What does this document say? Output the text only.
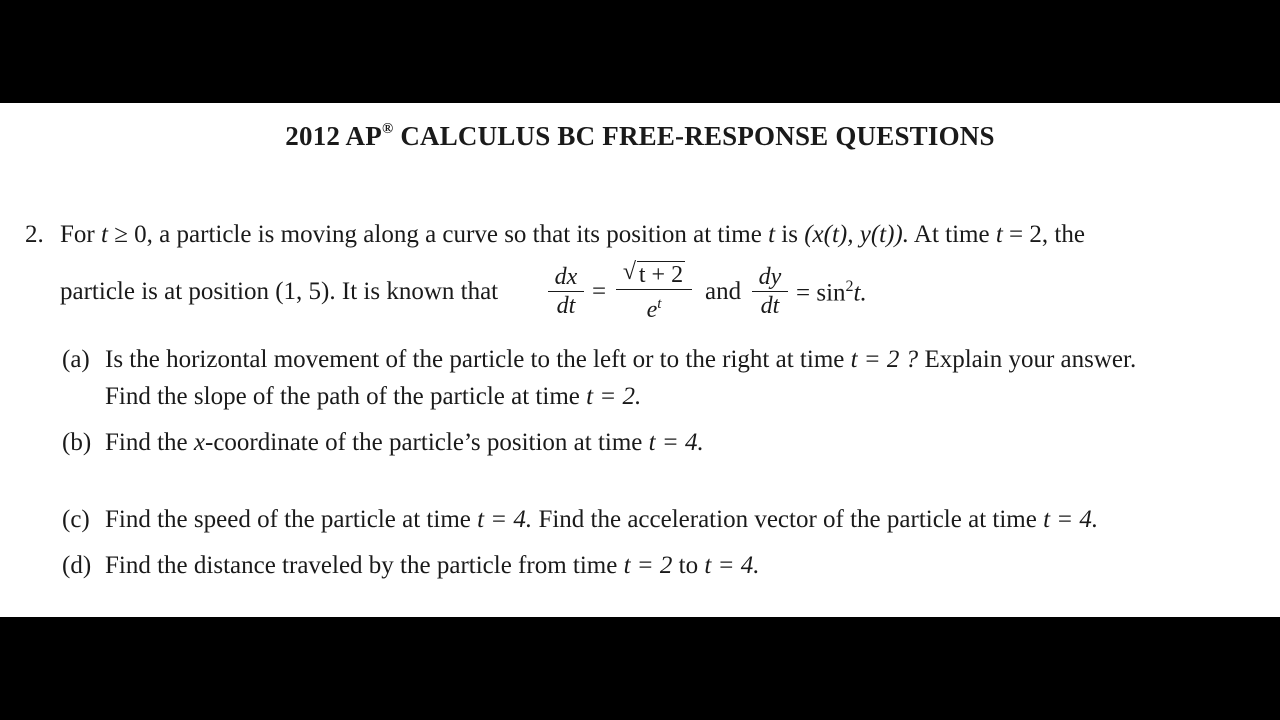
2012 AP® CALCULUS BC FREE-RESPONSE QUESTIONS
2. For t ≥ 0, a particle is moving along a curve so that its position at time t is (x(t), y(t)). At time t = 2, the
particle is at position (1, 5). It is known that
dx
dt
=
√ t + 2
$e^t$	and
dy
dt = $\sin^2t$.
(a) Is the horizontal movement of the particle to the left or to the right at time t = 2 ? Explain your answer.
Find the slope of the path of the particle at time t = 2.
(b) Find the x-coordinate of the particle’s position at time t = 4.
(c) Find the speed of the particle at time t = 4. Find the acceleration vector of the particle at time t = 4.
(d) Find the distance traveled by the particle from time t = 2 to t = 4.
